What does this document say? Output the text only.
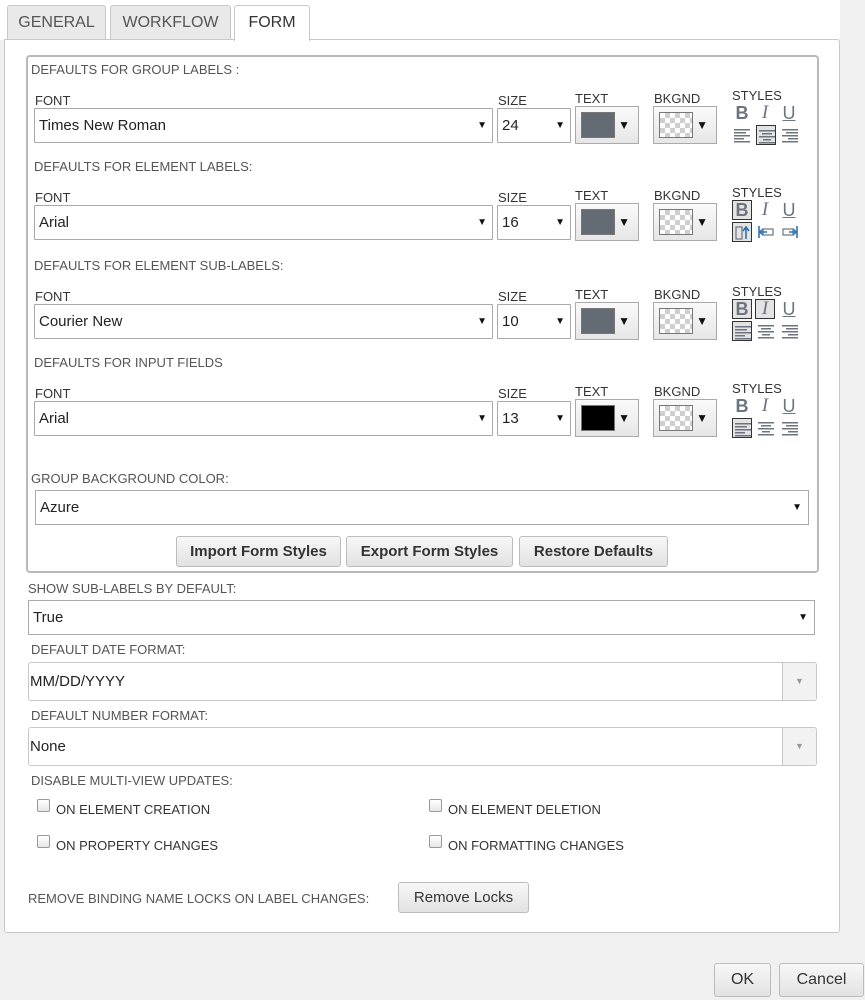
GENERAL	WORKFLOW	FORM
DEFAULTS FOR GROUP LABELS :
FONT	SIZE	TEXT	BKGND STYLES
Times New Roman	▼	24	▼	▼	▼
B I U
DEFAULTS FOR ELEMENT LABELS:
FONT	SIZE	TEXT	BKGND STYLES
Arial	▼	16	▼	▼	▼
B I U
DEFAULTS FOR ELEMENT SUB-LABELS:
FONT	SIZE	TEXT	BKGND STYLES
Courier New	▼	10	▼	▼	▼
B I U
DEFAULTS FOR INPUT FIELDS
FONT	SIZE	TEXT	BKGND STYLES
Arial	▼	13	▼	▼	▼
B I U
GROUP BACKGROUND COLOR:
Azure	▼
Import Form Styles	Export Form Styles	Restore Defaults
SHOW SUB-LABELS BY DEFAULT:
True	▼
DEFAULT DATE FORMAT:
MM/DD/YYYY	▼
DEFAULT NUMBER FORMAT:
None	▼
DISABLE MULTI-VIEW UPDATES:
ON ELEMENT CREATION	ON ELEMENT DELETION
ON PROPERTY CHANGES	ON FORMATTING CHANGES
REMOVE BINDING NAME LOCKS ON LABEL CHANGES:	Remove Locks
OK	Cancel
